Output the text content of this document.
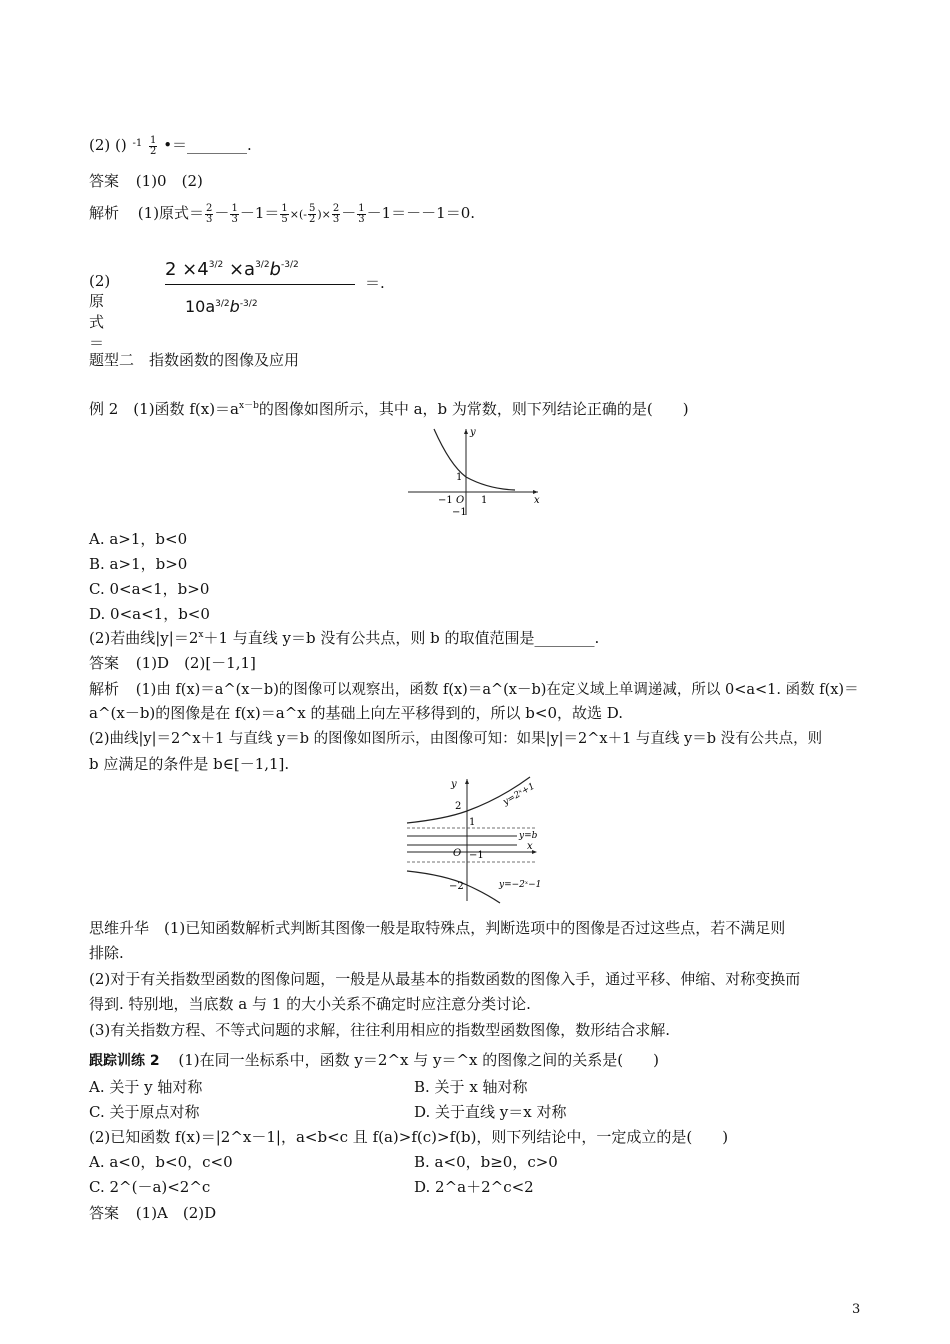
(2) () $-1 \frac{1}{2}$ •＝________.
答案 (1)0　(2)
解析 (1)原式＝ $\frac{2}{3} - \frac{1}{3} -1= \frac{1}{5}$ ×(- $\frac{5}{2}$ )× $\frac{2}{3} - \frac{1}{3} -1=--1=0$.
(2)原式＝
$2 \times 4^{3/2} \times a^{3/2}b^{-3/2}$
$10a^{3/2}b^{-3/2}$
＝.
题型二　指数函数的图像及应用
例 2　(1)函数 $f(x)=a^{x-b}$的图像如图所示，其中 a，b 为常数，则下列结论正确的是(　　)
y
x
O 1
−1
1
−1
A. a>1，b<0
B. a>1，b>0
C. 0<a<1，b>0
D. 0<a<1，b<0
(2)若曲线$|y|=2^x+1$ 与直线 y＝b 没有公共点，则 b 的取值范围是________.
答案 (1)D　(2)[－1,1]
解析 (1)由 f(x)＝a^(x－b)的图像可以观察出，函数 f(x)＝a^(x－b)在定义域上单调递减，所以 0<a<1. 函数 f(x)＝
a^(x－b)的图像是在 f(x)＝a^x 的基础上向左平移得到的，所以 b<0，故选 D.
(2)曲线|y|＝2^x＋1 与直线 y＝b 的图像如图所示，由图像可知：如果|y|＝2^x＋1 与直线 y＝b 没有公共点，则
b 应满足的条件是 b∈[－1,1].
y
x
O
2
1
−1
−2
y=2ˣ+1
y=b
y=−2ˣ−1
思维升华　(1)已知函数解析式判断其图像一般是取特殊点，判断选项中的图像是否过这些点，若不满足则
排除.
(2)对于有关指数型函数的图像问题，一般是从最基本的指数函数的图像入手，通过平移、伸缩、对称变换而
得到. 特别地，当底数 a 与 1 的大小关系不确定时应注意分类讨论.
(3)有关指数方程、不等式问题的求解，往往利用相应的指数型函数图像，数形结合求解.
跟踪训练 2 (1)在同一坐标系中，函数 y＝2^x 与 y＝^x 的图像之间的关系是(　　)
A. 关于 y 轴对称	B. 关于 x 轴对称
C. 关于原点对称	D. 关于直线 y＝x 对称
(2)已知函数 f(x)＝|2^x－1|，a<b<c 且 f(a)>f(c)>f(b)，则下列结论中，一定成立的是(　　)
A. a<0，b<0，c<0	B. a<0，b≥0，c>0
C. 2^(－a)<2^c	D. 2^a＋2^c<2
答案 (1)A　(2)D
3
